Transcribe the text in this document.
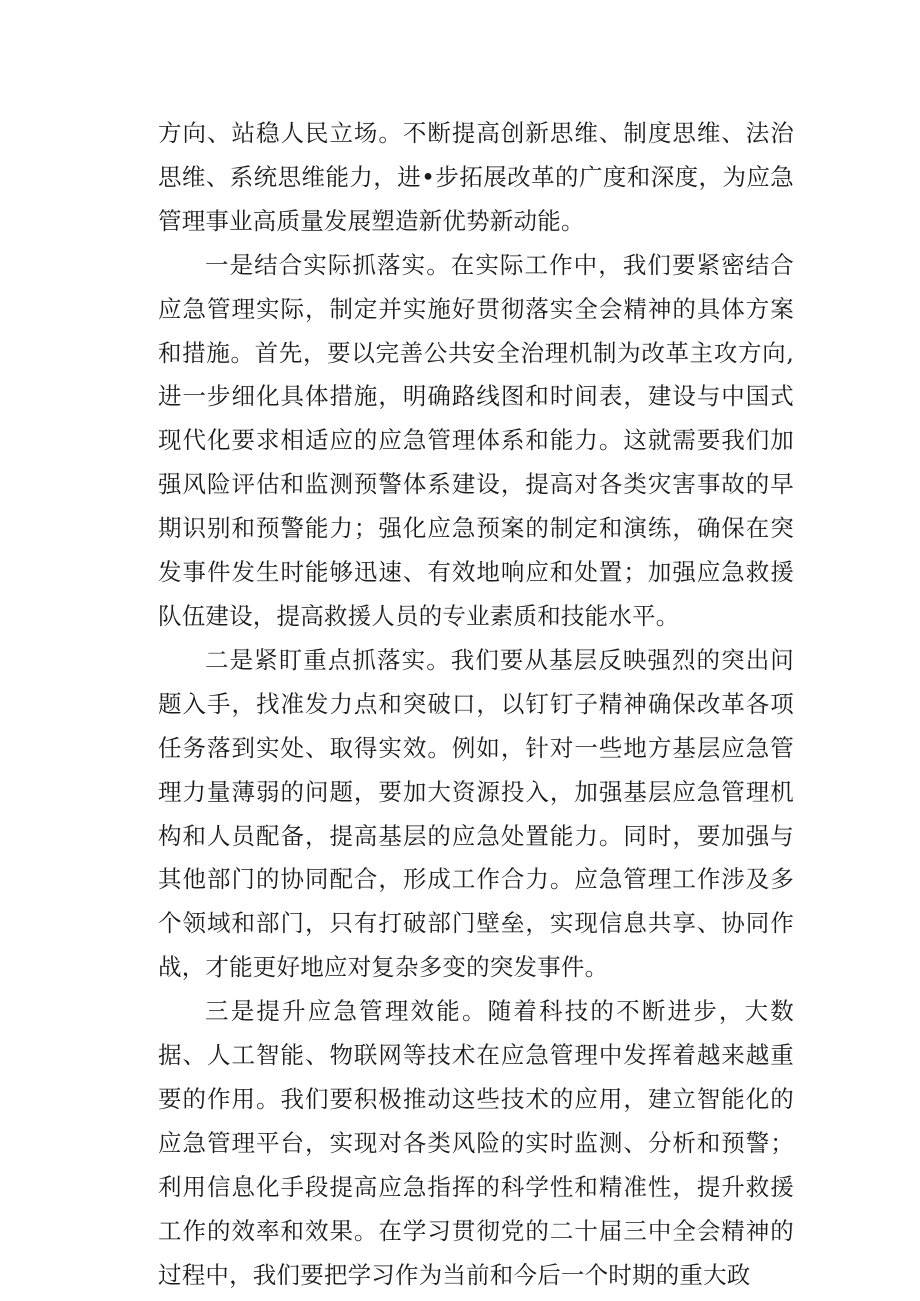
方向、站稳人民立场。不断提高创新思维、制度思维、法治思维、系统思维能力，进•步拓展改革的广度和深度，为应急管理事业高质量发展塑造新优势新动能。

一是结合实际抓落实。在实际工作中，我们要紧密结合应急管理实际，制定并实施好贯彻落实全会精神的具体方案和措施。首先，要以完善公共安全治理机制为改革主攻方向,进一步细化具体措施，明确路线图和时间表，建设与中国式现代化要求相适应的应急管理体系和能力。这就需要我们加强风险评估和监测预警体系建设，提高对各类灾害事故的早期识别和预警能力；强化应急预案的制定和演练，确保在突发事件发生时能够迅速、有效地响应和处置；加强应急救援队伍建设，提高救援人员的专业素质和技能水平。

二是紧盯重点抓落实。我们要从基层反映强烈的突出问题入手，找准发力点和突破口，以钉钉子精神确保改革各项任务落到实处、取得实效。例如，针对一些地方基层应急管理力量薄弱的问题，要加大资源投入，加强基层应急管理机构和人员配备，提高基层的应急处置能力。同时，要加强与其他部门的协同配合，形成工作合力。应急管理工作涉及多个领域和部门，只有打破部门壁垒，实现信息共享、协同作战，才能更好地应对复杂多变的突发事件。

三是提升应急管理效能。随着科技的不断进步，大数据、人工智能、物联网等技术在应急管理中发挥着越来越重要的作用。我们要积极推动这些技术的应用，建立智能化的应急管理平台，实现对各类风险的实时监测、分析和预警；利用信息化手段提高应急指挥的科学性和精准性，提升救援工作的效率和效果。在学习贯彻党的二十届三中全会精神的过程中，我们要把学习作为当前和今后一个时期的重大政
